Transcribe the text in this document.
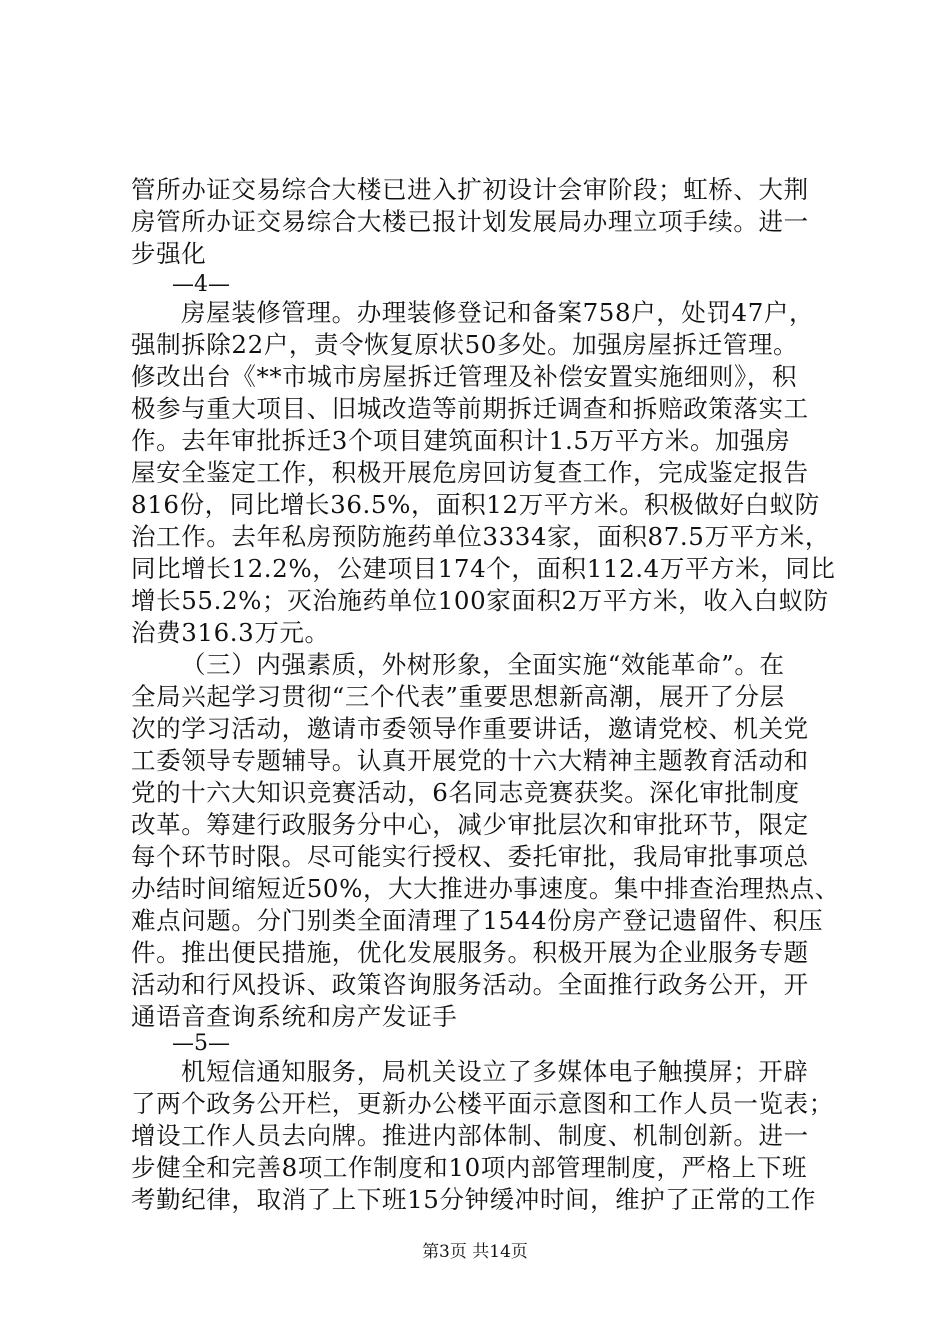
管所办证交易综合大楼已进入扩初设计会审阶段；虹桥、大荆
房管所办证交易综合大楼已报计划发展局办理立项手续。进一
步强化
—4—
房屋装修管理。办理装修登记和备案758户，处罚47户，
强制拆除22户，责令恢复原状50多处。加强房屋拆迁管理。
修改出台《**市城市房屋拆迁管理及补偿安置实施细则》，积
极参与重大项目、旧城改造等前期拆迁调查和拆赔政策落实工
作。去年审批拆迁3个项目建筑面积计1.5万平方米。加强房
屋安全鉴定工作，积极开展危房回访复查工作，完成鉴定报告
816份，同比增长36.5%，面积12万平方米。积极做好白蚁防
治工作。去年私房预防施药单位3334家，面积87.5万平方米，
同比增长12.2%，公建项目174个，面积112.4万平方米，同比
增长55.2%；灭治施药单位100家面积2万平方米，收入白蚁防
治费316.3万元。
（三）内强素质，外树形象，全面实施“效能革命”。在
全局兴起学习贯彻“三个代表”重要思想新高潮，展开了分层
次的学习活动，邀请市委领导作重要讲话，邀请党校、机关党
工委领导专题辅导。认真开展党的十六大精神主题教育活动和
党的十六大知识竞赛活动，6名同志竞赛获奖。深化审批制度
改革。筹建行政服务分中心，减少审批层次和审批环节，限定
每个环节时限。尽可能实行授权、委托审批，我局审批事项总
办结时间缩短近50%，大大推进办事速度。集中排查治理热点、
难点问题。分门别类全面清理了1544份房产登记遗留件、积压
件。推出便民措施，优化发展服务。积极开展为企业服务专题
活动和行风投诉、政策咨询服务活动。全面推行政务公开，开
通语音查询系统和房产发证手
—5—
机短信通知服务，局机关设立了多媒体电子触摸屏；开辟
了两个政务公开栏，更新办公楼平面示意图和工作人员一览表；
增设工作人员去向牌。推进内部体制、制度、机制创新。进一
步健全和完善8项工作制度和10项内部管理制度，严格上下班
考勤纪律，取消了上下班15分钟缓冲时间，维护了正常的工作
第3页 共14页
